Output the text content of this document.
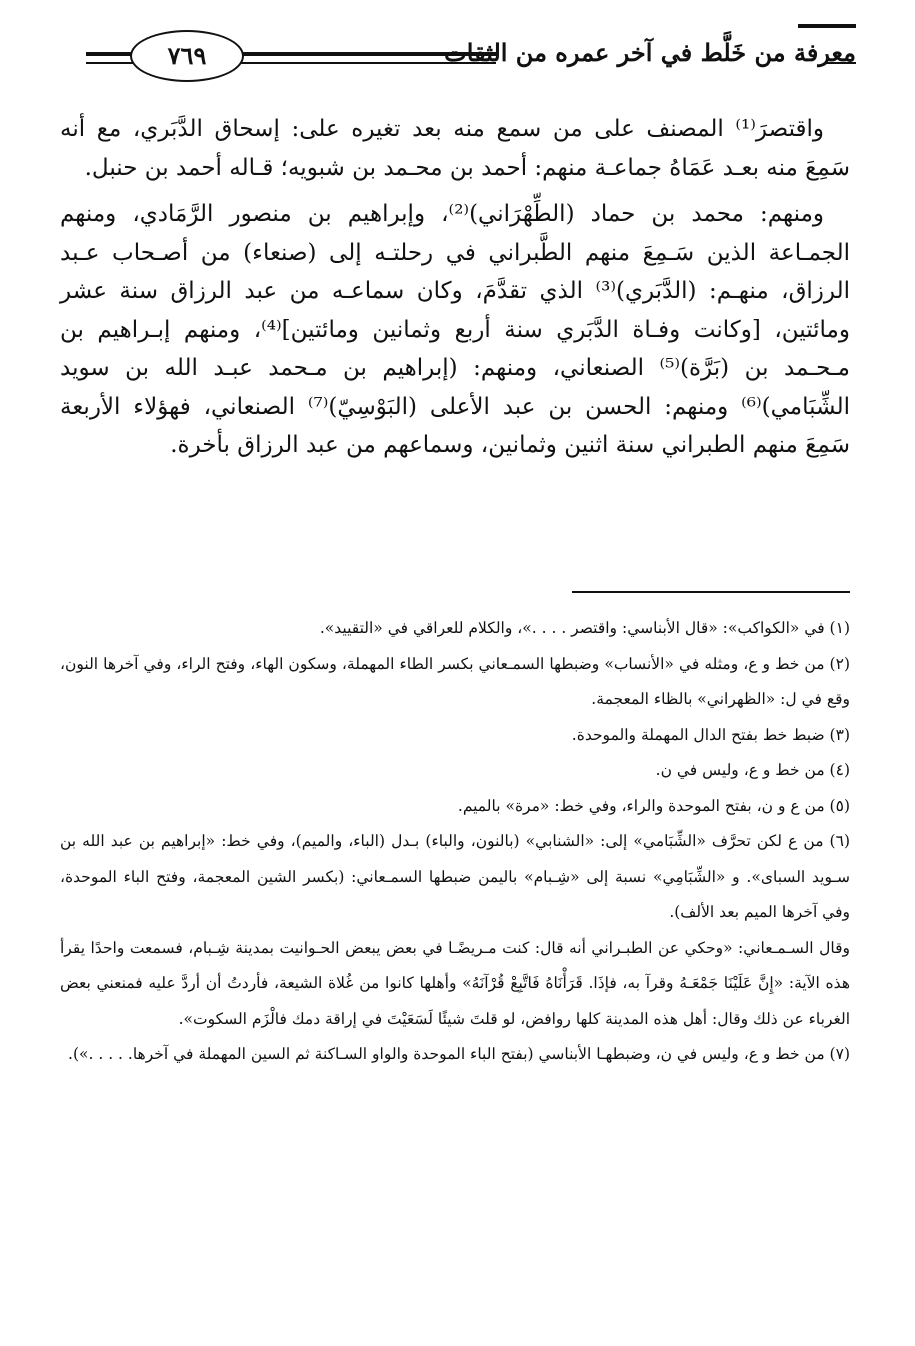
٧٦٩	معرفة من خَلَّط في آخر عمره من الثقات

واقتصرَ⁽¹⁾ المصنف على من سمع منه بعد تغيره على: إسحاق الدَّبَري، مع أنه سَمِعَ منه بعـد عَمَاهُ جماعـة منهم: أحمد بن محـمد بن شبويه؛ قـاله أحمد بن حنبل.

ومنهم: محمد بن حماد (الطِّهْرَاني)⁽²⁾، وإبراهيم بن منصور الرَّمَادي، ومنهم الجمـاعة الذين سَـمِعَ منهم الطَّبراني في رحلتـه إلى (صنعاء) من أصـحاب عـبد الرزاق، منهـم: (الدَّبَري)⁽³⁾ الذي تقدَّمَ، وكان سماعـه من عبد الرزاق سنة عشر ومائتين، [وكانت وفـاة الدَّبَري سنة أربع وثمانين ومائتين]⁽⁴⁾، ومنهم إبـراهيم بن مـحـمد بن (بَرَّة)⁽⁵⁾ الصنعاني، ومنهم: (إبراهيم بن مـحمد عبـد الله بن سويد الشِّبَامي)⁽⁶⁾ ومنهم: الحسن بن عبد الأعلى (البَوْسِيّ)⁽⁷⁾ الصنعاني، فهؤلاء الأربعة سَمِعَ منهم الطبراني سنة اثنين وثمانين، وسماعهم من عبد الرزاق بأخرة.

(١) في «الكواكب»: «قال الأبناسي: واقتصر . . . .»، والكلام للعراقي في «التقييد».

(٢) من خط و ع، ومثله في «الأنساب» وضبطها السمـعاني بكسر الطاء المهملة، وسكون الهاء، وفتح الراء، وفي آخرها النون، وقع في ل: «الظهراني» بالظاء المعجمة.

(٣) ضبط خط بفتح الدال المهملة والموحدة.

(٤) من خط و ع، وليس في ن.

(٥) من ع و ن، بفتح الموحدة والراء، وفي خط: «مرة» بالميم.

(٦) من ع لكن تحرَّف «الشِّبَامي» إلى: «الشنابي» (بالنون، والباء) بـدل (الباء، والميم)، وفي خط: «إبراهيم بن عبد الله بن سـويد السباى». و «الشِّبَامِي» نسبة إلى «شِـبام» باليمن ضبطها السمـعاني: (بكسر الشين المعجمة، وفتح الباء الموحدة، وفي آخرها الميم بعد الألف).

وقال السـمـعاني: «وحكي عن الطبـراني أنه قال: كنت مـريضًـا في بعض يبعض الحـوانيت بمدينة شِـبام، فسمعت واحدًا يقرأ هذه الآية: «إِنَّ عَلَيْنَا جَمْعَـهُ وقرآ به، فإذَا. قَرَأْنَاهُ فَاتَّبِعْ قُرْآنَهُ» وأهلها كانوا من غُلاة الشيعة، فأردتُ أن أردَّ عليه فمنعني بعض الغرباء عن ذلك وقال: أهل هذه المدينة كلها روافض، لو قلتَ شيئًا لَسَعَيْتَ في إراقة دمك فالْزَم السكوت».

(٧) من خط و ع، وليس في ن، وضبطهـا الأبناسي (بفتح الباء الموحدة والواو السـاكنة ثم السين المهملة في آخرها. . . . .»).
